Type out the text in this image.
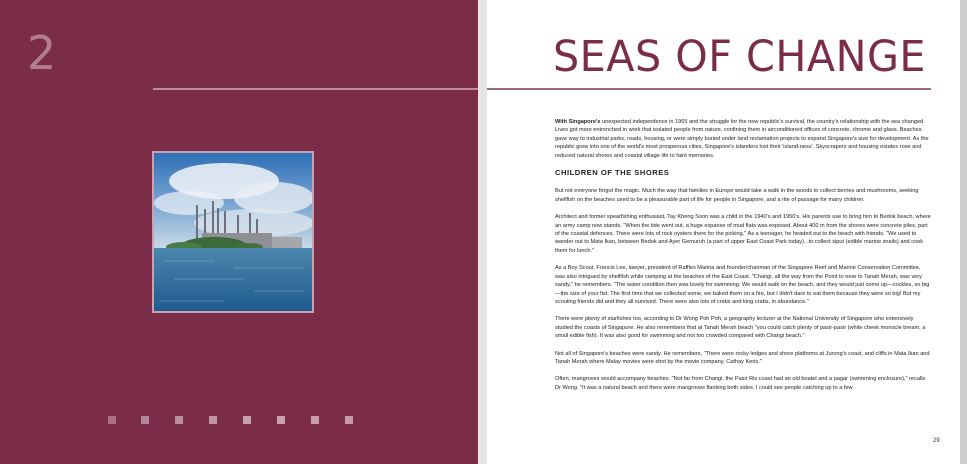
2	SEAS OF CHANGE

With Singapore's unexpected independence in 1965 and the struggle for the new republic's survival, the country's relationship with the sea changed. Lives got more entrenched in work that isolated people from nature, confining them in airconditioned offices of concrete, chrome and glass. Beaches gave way to industrial parks, roads, housing, or were simply buried under land reclamation projects to expand Singapore's size for development. As the republic grew into one of the world's most prosperous cities, Singapore's islanders lost their 'island-ness'. Skyscrapers and housing estates rose and reduced natural shores and coastal village life to faint memories.

CHILDREN OF THE SHORES

But not everyone forgot the magic. Much the way that families in Europe would take a walk in the woods to collect berries and mushrooms, seeking shellfish on the beaches used to be a pleasurable part of life for people in Singapore, and a rite of passage for many children.

Architect and former spearfishing enthusiast, Tay Kheng Soon was a child in the 1940's and 1950's. His parents use to bring him to Bedok beach, where an army camp now stands. "When the tide went out, a huge expanse of mud flats was exposed. About 400 m from the shores were concrete piles, part of the coastal defences. There were lots of rock oysters there for the picking." As a teenager, he headed out to the beach with friends. "We used to wander out to Mata Ikan, between Bedok and Ayer Gemuruh (a part of upper East Coast Park today)...to collect siput (edible marine snails) and cook them for lunch."

As a Boy Scout, Francis Lee, lawyer, president of Raffles Marina and founder/chairman of the Singapore Reef and Marine Conservation Committee, was also intrigued by shellfish while camping at the beaches of the East Coast. "Changi, all the way from the Point to near to Tanah Merah, was very sandy," he remembers. "The water condition then was lovely for swimming. We would walk on the beach, and they would just come up—cockles, so big—the size of your fist. The first time that we collected some, we baked them on a fire, but I didn't dare to eat them because they were so big! But my scouting friends did and they all survived. There were also lots of crabs and king crabs, in abundance."

There were plenty of starfishes too, according to Dr Wong Poh Poh, a geography lecturer at the National University of Singapore who extensively studied the coasts of Singapore. He also remembers that at Tanah Merah beach "you could catch plenty of pasir-pasir (white cheek monocle bream, a small edible fish). It was also good for swimming and not too crowded compared with Changi beach."

Not all of Singapore's beaches were sandy. He remembers, "There were rocky ledges and shore platforms at Jurong's coast, and cliffs in Mata Ikan and Tanah Merah where Malay movies were shot by the movie company, Cathay Keris."

Often, mangroves would accompany beaches. "Not far from Changi, the Pasir Ris coast had an old boatel and a pagar (swimming enclosure)," recalls Dr Wong. "It was a natural beach and there were mangroves flanking both sides. I could see people catching up to a few

29
